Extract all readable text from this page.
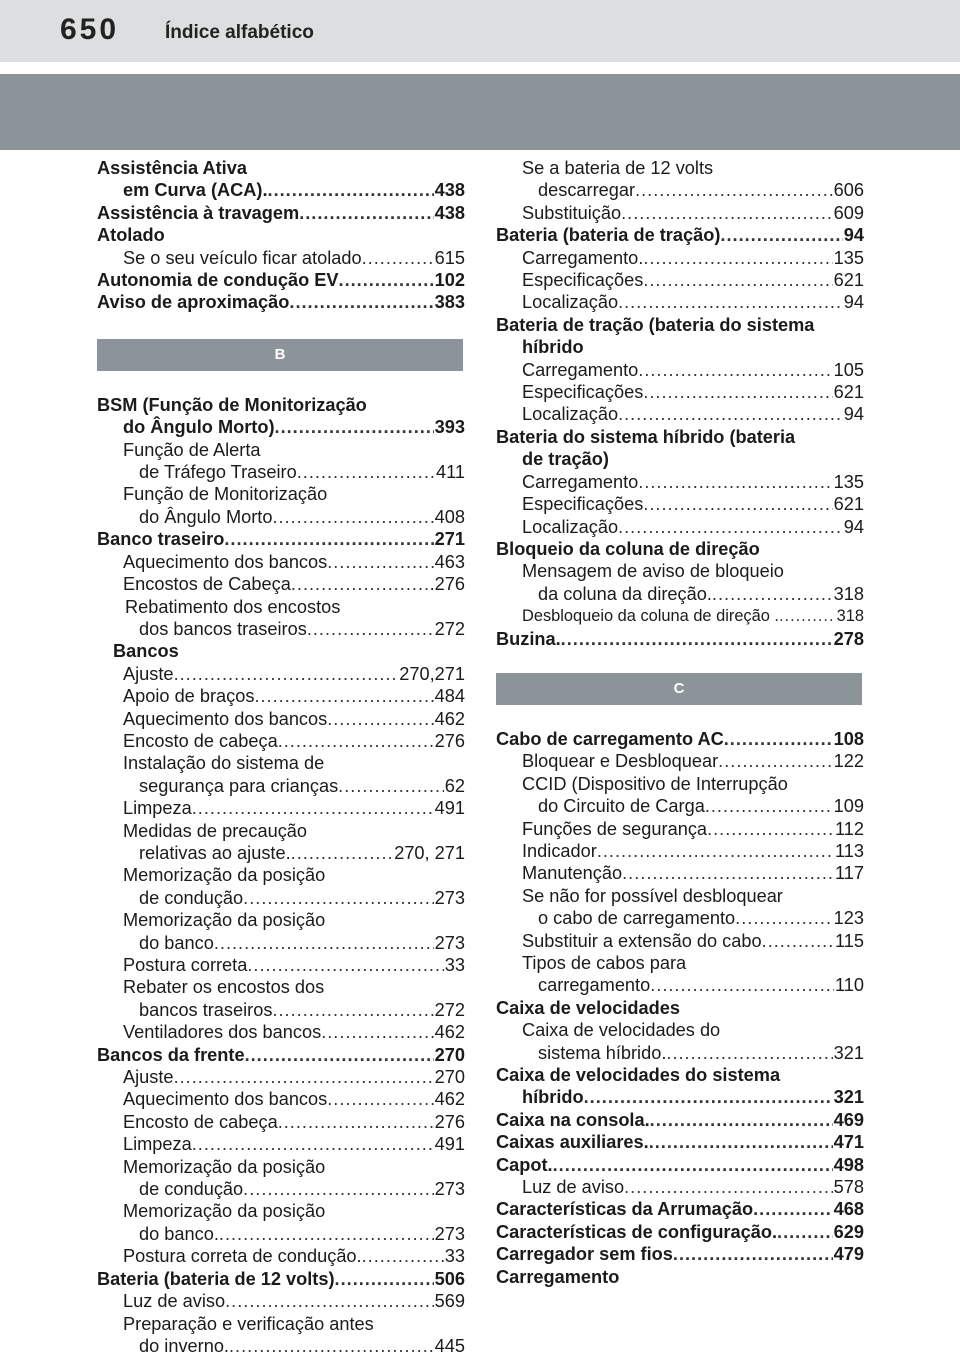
650 Índice alfabético
Assistência Ativa
em Curva (ACA). .....	438
Assistência à travagem .....	438
Atolado
Se o seu veículo ficar atolado .....	615
Autonomia de condução EV .....	102
Aviso de aproximação .....	383
B
BSM (Função de Monitorização
do Ângulo Morto) .....	393
Função de Alerta
de Tráfego Traseiro .....	411
Função de Monitorização
do Ângulo Morto .....	408
Banco traseiro .....	271
Aquecimento dos bancos .....	463
Encostos de Cabeça .....	.276
Rebatimento dos encostos
dos bancos traseiros .....	272
Bancos
Ajuste .....	270,271
Apoio de braços .....	484
Aquecimento dos bancos .....	462
Encosto de cabeça .....	276
Instalação do sistema de
segurança para crianças .....	62
Limpeza .....	491
Medidas de precaução
relativas ao ajuste. .....	270, 271
Memorização da posição
de condução .....	273
Memorização da posição
do banco .....	273
Postura correta .....	33
Rebater os encostos dos
bancos traseiros .....	272
Ventiladores dos bancos .....	462
Bancos da frente .....	270
Ajuste .....	270
Aquecimento dos bancos .....	462
Encosto de cabeça .....	276
Limpeza .....	491
Memorização da posição
de condução .....	273
Memorização da posição
do banco. .....	273
Postura correta de condução. .....	33
Bateria (bateria de 12 volts) .....	506
Luz de aviso .....	569
Preparação e verificação antes
do inverno. .....	445
Se a bateria de 12 volts
descarregar .....	606
Substituição .....	609
Bateria (bateria de tração) .....	94
Carregamento. .....	135
Especificações .....	621
Localização .....	94
Bateria de tração (bateria do sistema
híbrido
Carregamento .....	105
Especificações .....	621
Localização .....	94
Bateria do sistema híbrido (bateria
de tração)
Carregamento .....	135
Especificações .....	621
Localização .....	94
Bloqueio da coluna de direção
Mensagem de aviso de bloqueio
da coluna da direção. .....	318
Desbloqueio da coluna de direção . .....	318
Buzina. .....	278
C
Cabo de carregamento AC .....	108
Bloquear e Desbloquear .....	122
CCID (Dispositivo de Interrupção
do Circuito de Carga .....	109
Funções de segurança .....	112
Indicador .....	113
Manutenção .....	117
Se não for possível desbloquear
o cabo de carregamento .....	123
Substituir a extensão do cabo .....	115
Tipos de cabos para
carregamento .....	110
Caixa de velocidades
Caixa de velocidades do
sistema híbrido. .....	321
Caixa de velocidades do sistema
híbrido .....	321
Caixa na consola. .....	469
Caixas auxiliares. .....	471
Capot. .....	498
Luz de aviso .....	578
Características da Arrumação .....	468
Características de configuração. .....	629
Carregador sem fios .....	479
Carregamento
